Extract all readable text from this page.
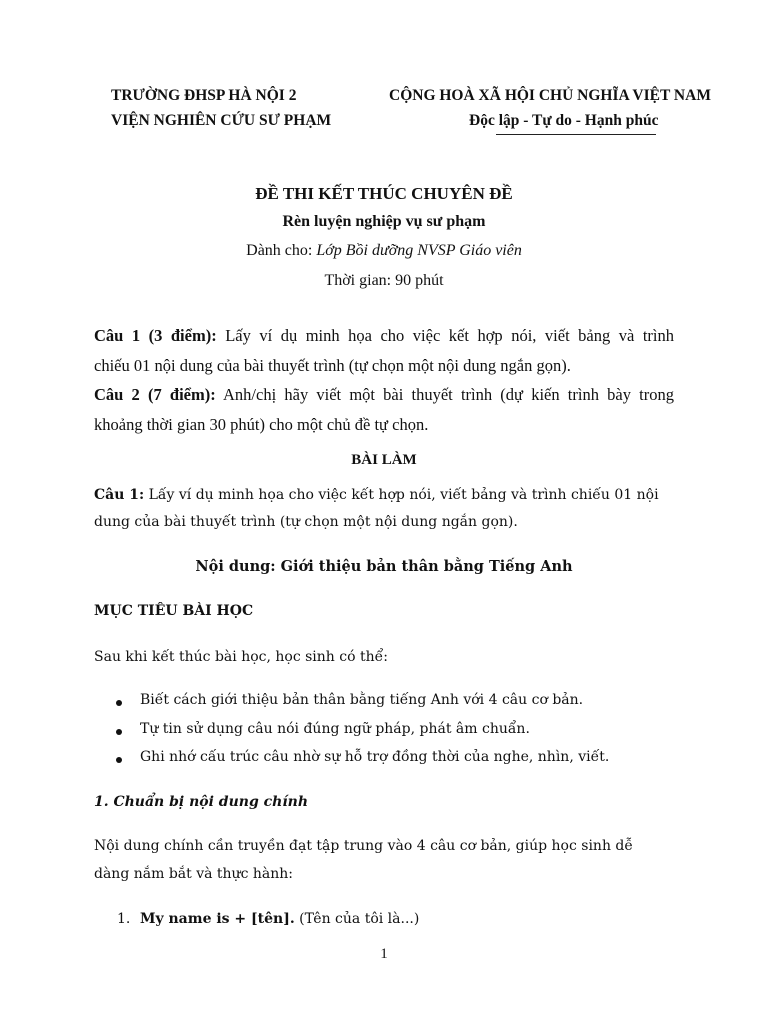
TRƯỜNG ĐHSP HÀ NỘI 2
VIỆN NGHIÊN CỨU SƯ PHẠM
CỘNG HOÀ XÃ HỘI CHỦ NGHĨA VIỆT NAM
Độc lập - Tự do - Hạnh phúc
ĐỀ THI KẾT THÚC CHUYÊN ĐỀ
Rèn luyện nghiệp vụ sư phạm
Dành cho: Lớp Bồi dưỡng NVSP Giáo viên
Thời gian: 90 phút
Câu 1 (3 điểm): Lấy ví dụ minh họa cho việc kết hợp nói, viết bảng và trình
chiếu 01 nội dung của bài thuyết trình (tự chọn một nội dung ngắn gọn).
Câu 2 (7 điểm): Anh/chị hãy viết một bài thuyết trình (dự kiến trình bày trong
khoảng thời gian 30 phút) cho một chủ đề tự chọn.
BÀI LÀM
Câu 1: Lấy ví dụ minh họa cho việc kết hợp nói, viết bảng và trình chiếu 01 nội
dung của bài thuyết trình (tự chọn một nội dung ngắn gọn).
Nội dung: Giới thiệu bản thân bằng Tiếng Anh
MỤC TIÊU BÀI HỌC
Sau khi kết thúc bài học, học sinh có thể:
Biết cách giới thiệu bản thân bằng tiếng Anh với 4 câu cơ bản.
Tự tin sử dụng câu nói đúng ngữ pháp, phát âm chuẩn.
Ghi nhớ cấu trúc câu nhờ sự hỗ trợ đồng thời của nghe, nhìn, viết.
1. Chuẩn bị nội dung chính
Nội dung chính cần truyền đạt tập trung vào 4 câu cơ bản, giúp học sinh dễ
dàng nắm bắt và thực hành:
1. My name is + [tên]. (Tên của tôi là...)
1
